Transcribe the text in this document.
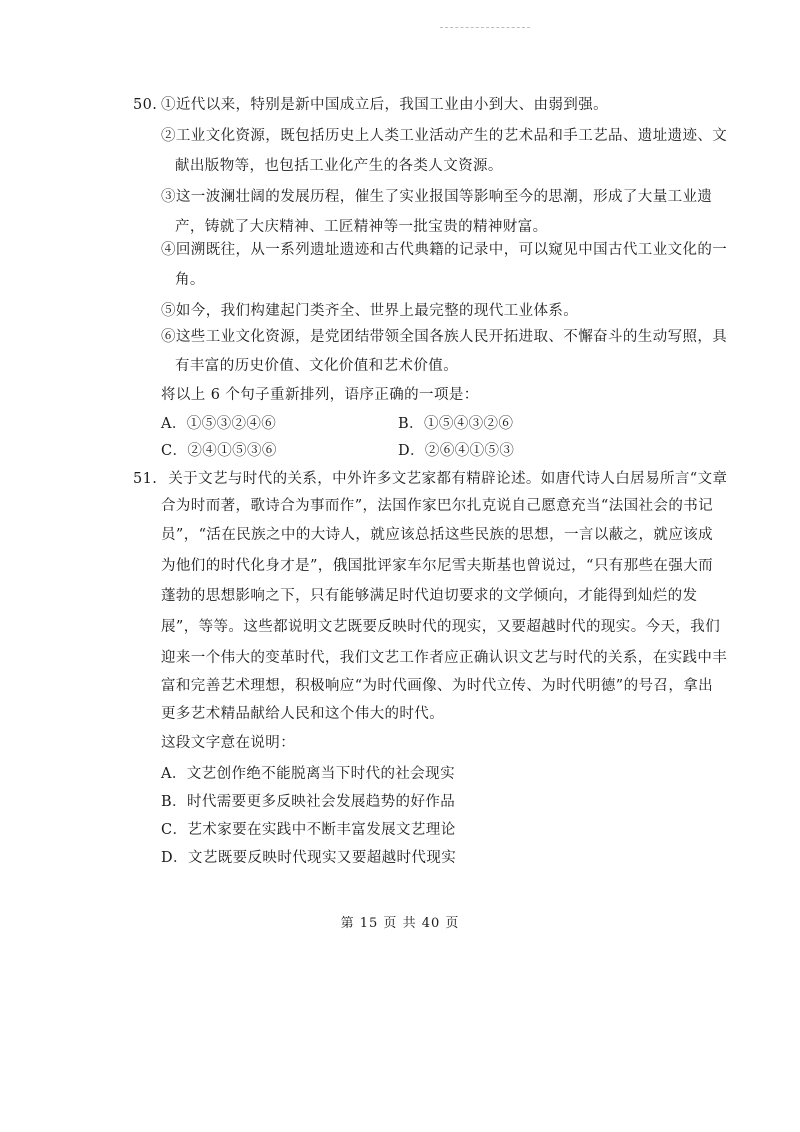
50. ①近代以来，特别是新中国成立后，我国工业由小到大、由弱到强。
②工业文化资源，既包括历史上人类工业活动产生的艺术品和手工艺品、遗址遗迹、文
献出版物等，也包括工业化产生的各类人文资源。
③这一波澜壮阔的发展历程，催生了实业报国等影响至今的思潮，形成了大量工业遗
产，铸就了大庆精神、工匠精神等一批宝贵的精神财富。
④回溯既往，从一系列遗址遗迹和古代典籍的记录中，可以窥见中国古代工业文化的一
角。
⑤如今，我们构建起门类齐全、世界上最完整的现代工业体系。
⑥这些工业文化资源，是党团结带领全国各族人民开拓进取、不懈奋斗的生动写照，具
有丰富的历史价值、文化价值和艺术价值。
将以上 6 个句子重新排列，语序正确的一项是：
A．①⑤③②④⑥	B．①⑤④③②⑥
C．②④①⑤③⑥	D．②⑥④①⑤③
51. 关于文艺与时代的关系，中外许多文艺家都有精辟论述。如唐代诗人白居易所言“文章
合为时而著，歌诗合为事而作”，法国作家巴尔扎克说自己愿意充当“法国社会的书记
员”，“活在民族之中的大诗人，就应该总括这些民族的思想，一言以蔽之，就应该成
为他们的时代化身才是”，俄国批评家车尔尼雪夫斯基也曾说过，“只有那些在强大而
蓬勃的思想影响之下，只有能够满足时代迫切要求的文学倾向，才能得到灿烂的发
展”，等等。这些都说明文艺既要反映时代的现实，又要超越时代的现实。今天，我们
迎来一个伟大的变革时代，我们文艺工作者应正确认识文艺与时代的关系，在实践中丰
富和完善艺术理想，积极响应“为时代画像、为时代立传、为时代明德”的号召，拿出
更多艺术精品献给人民和这个伟大的时代。
这段文字意在说明：
A．文艺创作绝不能脱离当下时代的社会现实
B．时代需要更多反映社会发展趋势的好作品
C．艺术家要在实践中不断丰富发展文艺理论
D．文艺既要反映时代现实又要超越时代现实
第 15 页 共 40 页
